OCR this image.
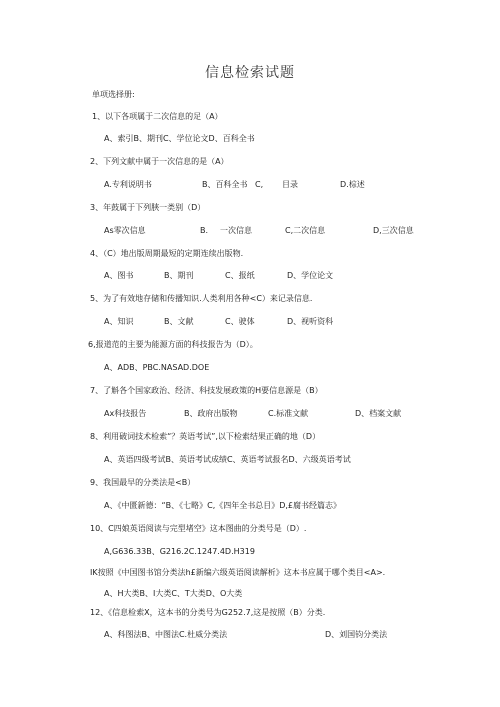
信息检索试题
单项选择册:
1、以下各项属于二次信息的足（A）
A、索引B、期刊C、学位论文D、百科全书
2、下列文献中属于一次信息的是（A）
A.专利说明书	B、百科全书 C, 目录	D.棕述
3、年鼓属于下列脥一类别（D）
As零次信息	B. 一次信息	C,二次信息	D,三次信息
4、（C）地出版周期最短的定期连续出版物.
A、图书	B、期刊	C、报纸	D、学位论文
5、为了有效地存储和传播知识.人类利用各种<C）来记录信息.
A、知识	B、文献	C、驶体	D、视听资科
6,报道范的主要为能源方面的科技报告为（D）。
A、ADB、PBC.NASAD.DOE
7、了斛各个国家政治、经济、科技发展政策的H要信息源是（B）
Ax科技报告	B、政府出版物	C.标准文献	D、档案文献
8、利用破词技术检索“？英语考试”,以下检索结果正确的地（D）
A、英语四级考试B、英语考试成绩C、英语考试报名D、六级英语考试
9、我国最早的分类法是<B）
A、《中匮新德：“B、《七略》C,《四年全书总目》D,£腐书经篇志》
10、C四娘英语阅读与完型堵空》这本图曲的分类号是（D）.
A,G636.33B、G216.2C.1247.4D.H319
IK按照《中国图书馆分类法h£新编六级英语阅读解析》这本书应属于哪个类目<A>.
A、H大类B、I大类C、T大类D、O大类
12、《信息检索X，这本书的分类号为G252.7,这是按照（B）分类.
A、科图法B、中图法C.杜威分类法	D、刘国钧分类法
